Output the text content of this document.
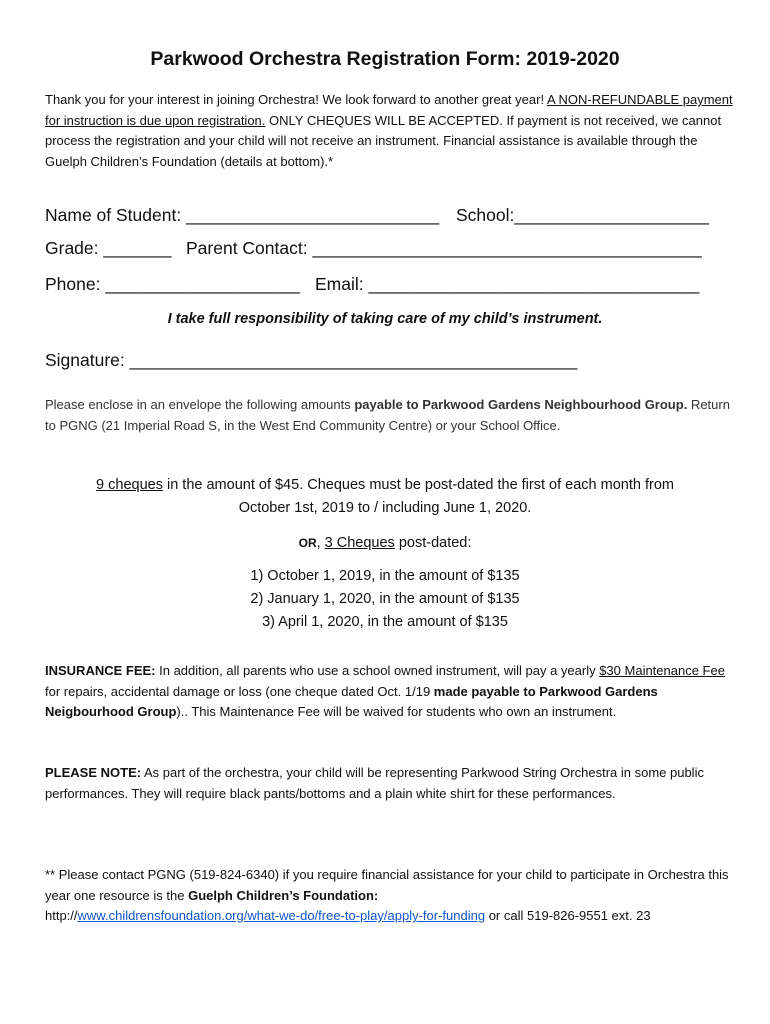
Parkwood Orchestra Registration Form: 2019-2020
Thank you for your interest in joining Orchestra! We look forward to another great year! A NON-REFUNDABLE payment for instruction is due upon registration. ONLY CHEQUES WILL BE ACCEPTED. If payment is not received, we cannot process the registration and your child will not receive an instrument. Financial assistance is available through the Guelph Children’s Foundation (details at bottom).*
Name of Student: __________________________ School:____________________
Grade: _______ Parent Contact: ________________________________________
Phone: ____________________ Email: __________________________________
I take full responsibility of taking care of my child’s instrument.
Signature: ______________________________________________
Please enclose in an envelope the following amounts payable to Parkwood Gardens Neighbourhood Group. Return to PGNG (21 Imperial Road S, in the West End Community Centre) or your School Office.
9 cheques in the amount of $45. Cheques must be post-dated the first of each month from
October 1st, 2019 to / including June 1, 2020.
OR, 3 Cheques post-dated:
1) October 1, 2019, in the amount of $135
2) January 1, 2020, in the amount of $135
3) April 1, 2020, in the amount of $135
INSURANCE FEE: In addition, all parents who use a school owned instrument, will pay a yearly $30 Maintenance Fee for repairs, accidental damage or loss (one cheque dated Oct. 1/19 made payable to Parkwood Gardens Neigbourhood Group).. This Maintenance Fee will be waived for students who own an instrument.
PLEASE NOTE: As part of the orchestra, your child will be representing Parkwood String Orchestra in some public performances. They will require black pants/bottoms and a plain white shirt for these performances.
** Please contact PGNG (519-824-6340) if you require financial assistance for your child to participate in Orchestra this year one resource is the Guelph Children’s Foundation:
http://www.childrensfoundation.org/what-we-do/free-to-play/apply-for-funding or call 519-826-9551 ext. 23
